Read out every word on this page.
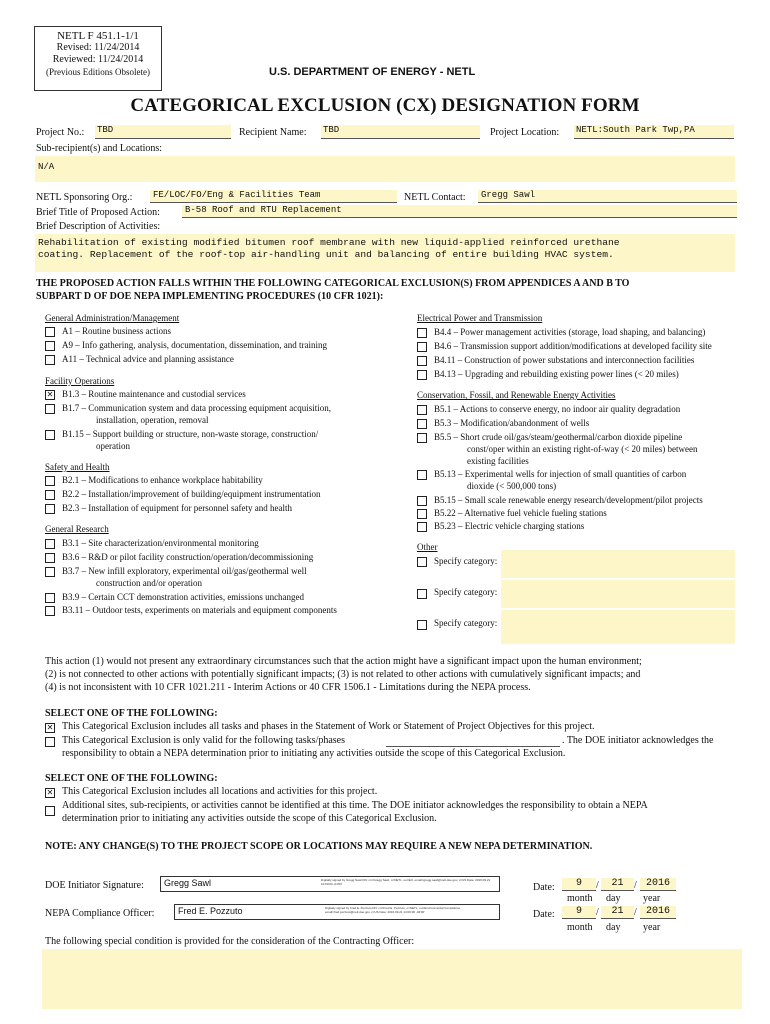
NETL F 451.1-1/1
Revised: 11/24/2014
Reviewed: 11/24/2014
(Previous Editions Obsolete)	U.S. DEPARTMENT OF ENERGY - NETL
CATEGORICAL EXCLUSION (CX) DESIGNATION FORM
Project No.: TBD	Recipient Name: TBD	Project Location: NETL:South Park Twp,PA
Sub-recipient(s) and Locations:
N/A
NETL Sponsoring Org.:	FE/LOC/FO/Eng & Facilities Team	NETL Contact:	Gregg Sawl
Brief Title of Proposed Action:	B-58 Roof and RTU Replacement
Brief Description of Activities:
Rehabilitation of existing modified bitumen roof membrane with new liquid-applied reinforced urethane
coating. Replacement of the roof-top air-handling unit and balancing of entire building HVAC system.
THE PROPOSED ACTION FALLS WITHIN THE FOLLOWING CATEGORICAL EXCLUSION(S) FROM APPENDICES A AND B TO
SUBPART D OF DOE NEPA IMPLEMENTING PROCEDURES (10 CFR 1021):
General Administration/Management
A1 – Routine business actions
A9 – Info gathering, analysis, documentation, dissemination, and training
A11 – Technical advice and planning assistance
Facility Operations
✕ B1.3 – Routine maintenance and custodial services
B1.7 – Communication system and data processing equipment acquisition,
installation, operation, removal
B1.15 – Support building or structure, non-waste storage, construction/
operation
Safety and Health
B2.1 – Modifications to enhance workplace habitability
B2.2 – Installation/improvement of building/equipment instrumentation
B2.3 – Installation of equipment for personnel safety and health
General Research
B3.1 – Site characterization/environmental monitoring
B3.6 – R&D or pilot facility construction/operation/decommissioning
B3.7 – New infill exploratory, experimental oil/gas/geothermal well
construction and/or operation
B3.9 – Certain CCT demonstration activities, emissions unchanged
B3.11 – Outdoor tests, experiments on materials and equipment components
Electrical Power and Transmission
B4.4 – Power management activities (storage, load shaping, and balancing)
B4.6 – Transmission support addition/modifications at developed facility site
B4.11 – Construction of power substations and interconnection facilities
B4.13 – Upgrading and rebuilding existing power lines (< 20 miles)
Conservation, Fossil, and Renewable Energy Activities
B5.1 – Actions to conserve energy, no indoor air quality degradation
B5.3 – Modification/abandonment of wells
B5.5 – Short crude oil/gas/steam/geothermal/carbon dioxide pipeline
const/oper within an existing right-of-way (< 20 miles) between
existing facilities
B5.13 – Experimental wells for injection of small quantities of carbon
dioxide (< 500,000 tons)
B5.15 – Small scale renewable energy research/development/pilot projects
B5.22 – Alternative fuel vehicle fueling stations
B5.23 – Electric vehicle charging stations
Other
Specify category:
Specify category:
Specify category:
This action (1) would not present any extraordinary circumstances such that the action might have a significant impact upon the human environment;
(2) is not connected to other actions with potentially significant impacts; (3) is not related to other actions with cumulatively significant impacts; and
(4) is not inconsistent with 10 CFR 1021.211 - Interim Actions or 40 CFR 1506.1 - Limitations during the NEPA process.
SELECT ONE OF THE FOLLOWING:
✕ This Categorical Exclusion includes all tasks and phases in the Statement of Work or Statement of Project Objectives for this project.
This Categorical Exclusion is only valid for the following tasks/phases	. The DOE initiator acknowledges the
responsibility to obtain a NEPA determination prior to initiating any activities outside the scope of this Categorical Exclusion.
SELECT ONE OF THE FOLLOWING:
✕ This Categorical Exclusion includes all locations and activities for this project.
Additional sites, sub-recipients, or activities cannot be identified at this time. The DOE initiator acknowledges the responsibility to obtain a NEPA
determination prior to initiating any activities outside the scope of this Categorical Exclusion.
NOTE: ANY CHANGE(S) TO THE PROJECT SCOPE OR LOCATIONS MAY REQUIRE A NEW NEPA DETERMINATION.
DOE Initiator Signature: Gregg Sawl	Digitally signed by Gregg Sawl DN: cn=Gregg Sawl, o=NETL, ou=EO, email=gregg.sawl@netl.doe.gov, c=US Date: 2016.09.21 10:00:00 -04'00'
NEPA Compliance Officer:	Fred E. Pozzuto	Digitally signed by Fred E. Pozzuto DN: cn=Fred E. Pozzuto, o=NETL, ou=Environmental Compliance, email=fred.pozzuto@netl.doe.gov, c=US Date: 2016.09.21 14:00:00 -04'00'
Date:	9	/	21	/ 2016
month day year
Date:	9	/	21	/ 2016
month day year
The following special condition is provided for the consideration of the Contracting Officer:
